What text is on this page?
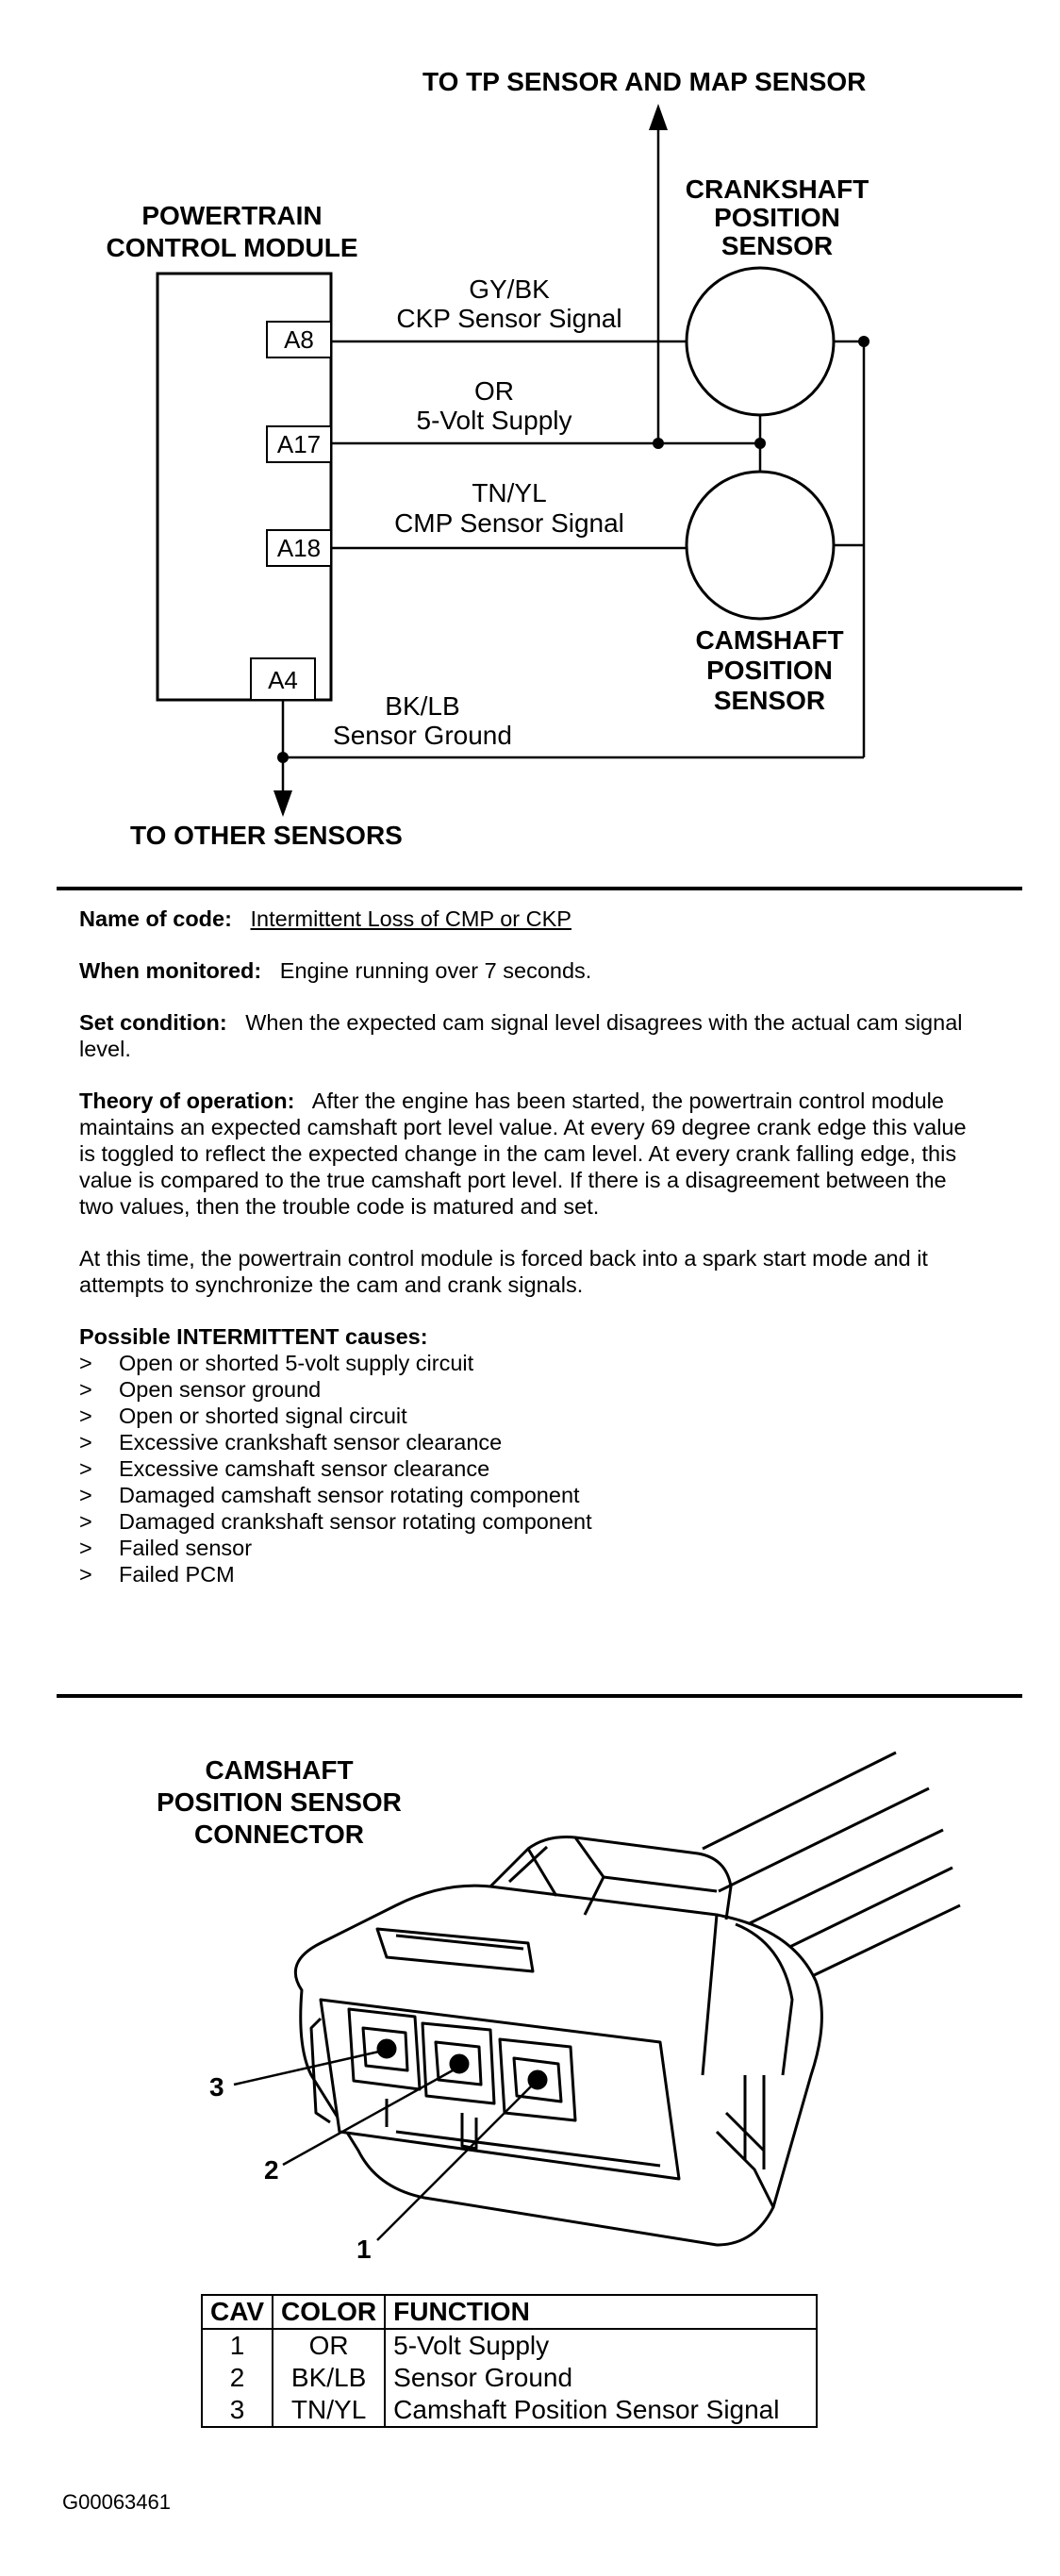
TO TP SENSOR AND MAP SENSOR
POWERTRAIN
CONTROL MODULE
A8
A17
A18
A4
CRANKSHAFT
POSITION
SENSOR
CAMSHAFT
POSITION
SENSOR
GY/BK
CKP Sensor Signal
OR
5-Volt Supply
TN/YL
CMP Sensor Signal
BK/LB
Sensor Ground
TO OTHER SENSORS

Name of code: Intermittent Loss of CMP or CKP

When monitored: Engine running over 7 seconds.

Set condition: When the expected cam signal level disagrees with the actual cam signal level.

Theory of operation: After the engine has been started, the powertrain control module maintains an expected camshaft port level value. At every 69 degree crank edge this value is toggled to reflect the expected change in the cam level. At every crank falling edge, this value is compared to the true camshaft port level. If there is a disagreement between the two values, then the trouble code is matured and set.

At this time, the powertrain control module is forced back into a spark start mode and it attempts to synchronize the cam and crank signals.

Possible INTERMITTENT causes:
> Open or shorted 5-volt supply circuit
> Open sensor ground
> Open or shorted signal circuit
> Excessive crankshaft sensor clearance
> Excessive camshaft sensor clearance
> Damaged camshaft sensor rotating component
> Damaged crankshaft sensor rotating component
> Failed sensor
> Failed PCM
CAMSHAFT
POSITION SENSOR
CONNECTOR
3
2
1
CAV	COLOR	FUNCTION
1	OR	5-Volt Supply
2	BK/LB	Sensor Ground
3	TN/YL	Camshaft Position Sensor Signal
G00063461
